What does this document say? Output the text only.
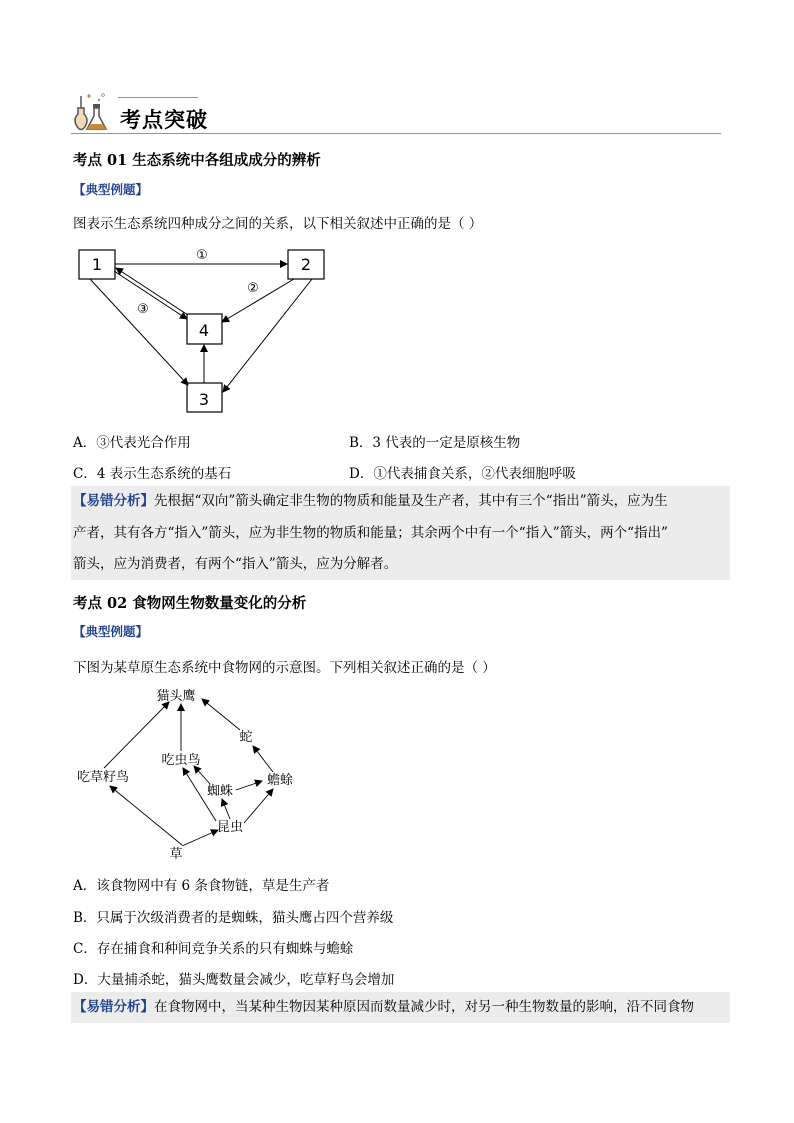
考点突破
考点 01 生态系统中各组成成分的辨析
【典型例题】
图表示生态系统四种成分之间的关系，以下相关叙述中正确的是（ ）
1	2
3
4
①
②
③
A．③代表光合作用	B．3 代表的一定是原核生物
C．4 表示生态系统的基石	D．①代表捕食关系，②代表细胞呼吸
【易错分析】先根据“双向”箭头确定非生物的物质和能量及生产者，其中有三个“指出”箭头，应为生
产者，其有各方“指入”箭头，应为非生物的物质和能量；其余两个中有一个“指入”箭头，两个“指出”
箭头，应为消费者，有两个“指入”箭头，应为分解者。
考点 02 食物网生物数量变化的分析
【典型例题】
下图为某草原生态系统中食物网的示意图。下列相关叙述正确的是（ ）
猫头鹰
蛇
吃虫鸟
吃草籽鸟
蜘蛛
蟾蜍
昆虫
草
A．该食物网中有 6 条食物链，草是生产者
B．只属于次级消费者的是蜘蛛，猫头鹰占四个营养级
C．存在捕食和种间竞争关系的只有蜘蛛与蟾蜍
D．大量捕杀蛇，猫头鹰数量会减少，吃草籽鸟会增加
【易错分析】在食物网中，当某种生物因某种原因而数量减少时，对另一种生物数量的影响，沿不同食物
